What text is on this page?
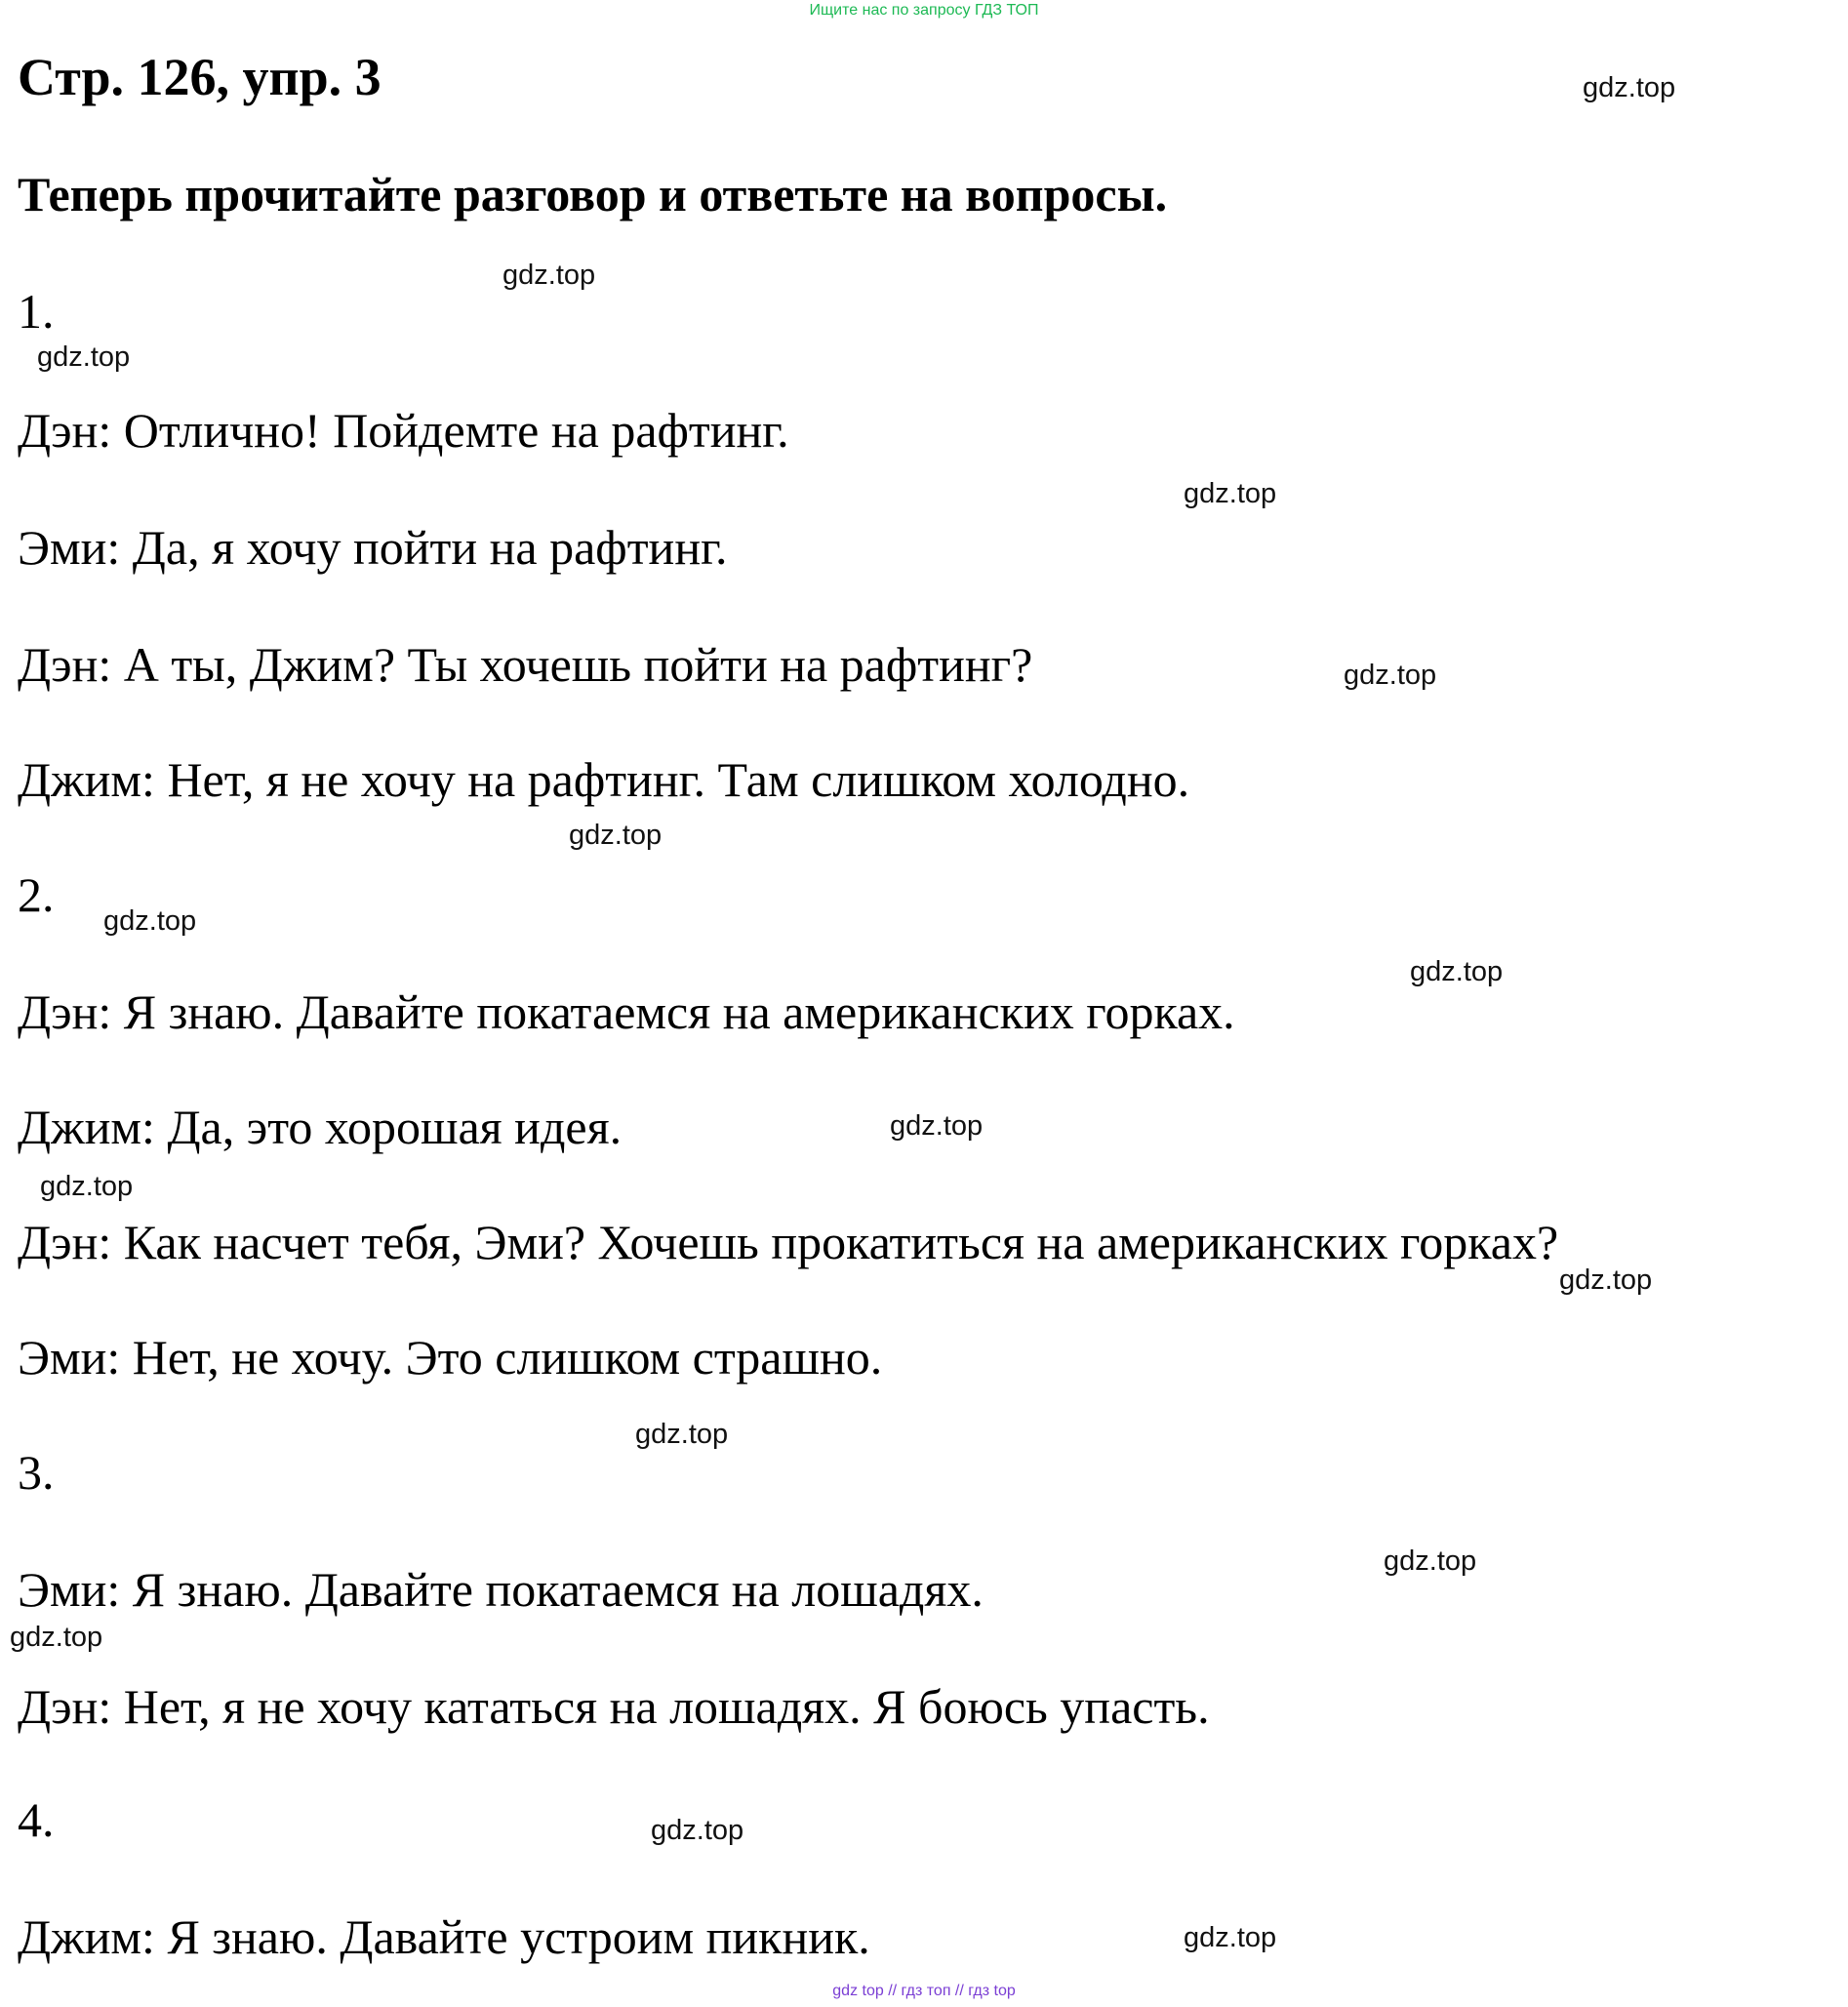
Ищите нас по запросу ГДЗ ТОП
Стр. 126, упр. 3
Теперь прочитайте разговор и ответьте на вопросы.
1.
Дэн: Отлично! Пойдемте на рафтинг.
Эми: Да, я хочу пойти на рафтинг.
Дэн: А ты, Джим? Ты хочешь пойти на рафтинг?
Джим: Нет, я не хочу на рафтинг. Там слишком холодно.
2.
Дэн: Я знаю. Давайте покатаемся на американских горках.
Джим: Да, это хорошая идея.
Дэн: Как насчет тебя, Эми? Хочешь прокатиться на американских горках?
Эми: Нет, не хочу. Это слишком страшно.
3.
Эми: Я знаю. Давайте покатаемся на лошадях.
Дэн: Нет, я не хочу кататься на лошадях. Я боюсь упасть.
4.
Джим: Я знаю. Давайте устроим пикник.
gdz.top
gdz.top
gdz.top
gdz.top
gdz.top
gdz.top
gdz.top
gdz.top
gdz.top
gdz.top
gdz.top
gdz.top
gdz.top
gdz.top
gdz.top
gdz.top
gdz top // гдз топ // гдз top
